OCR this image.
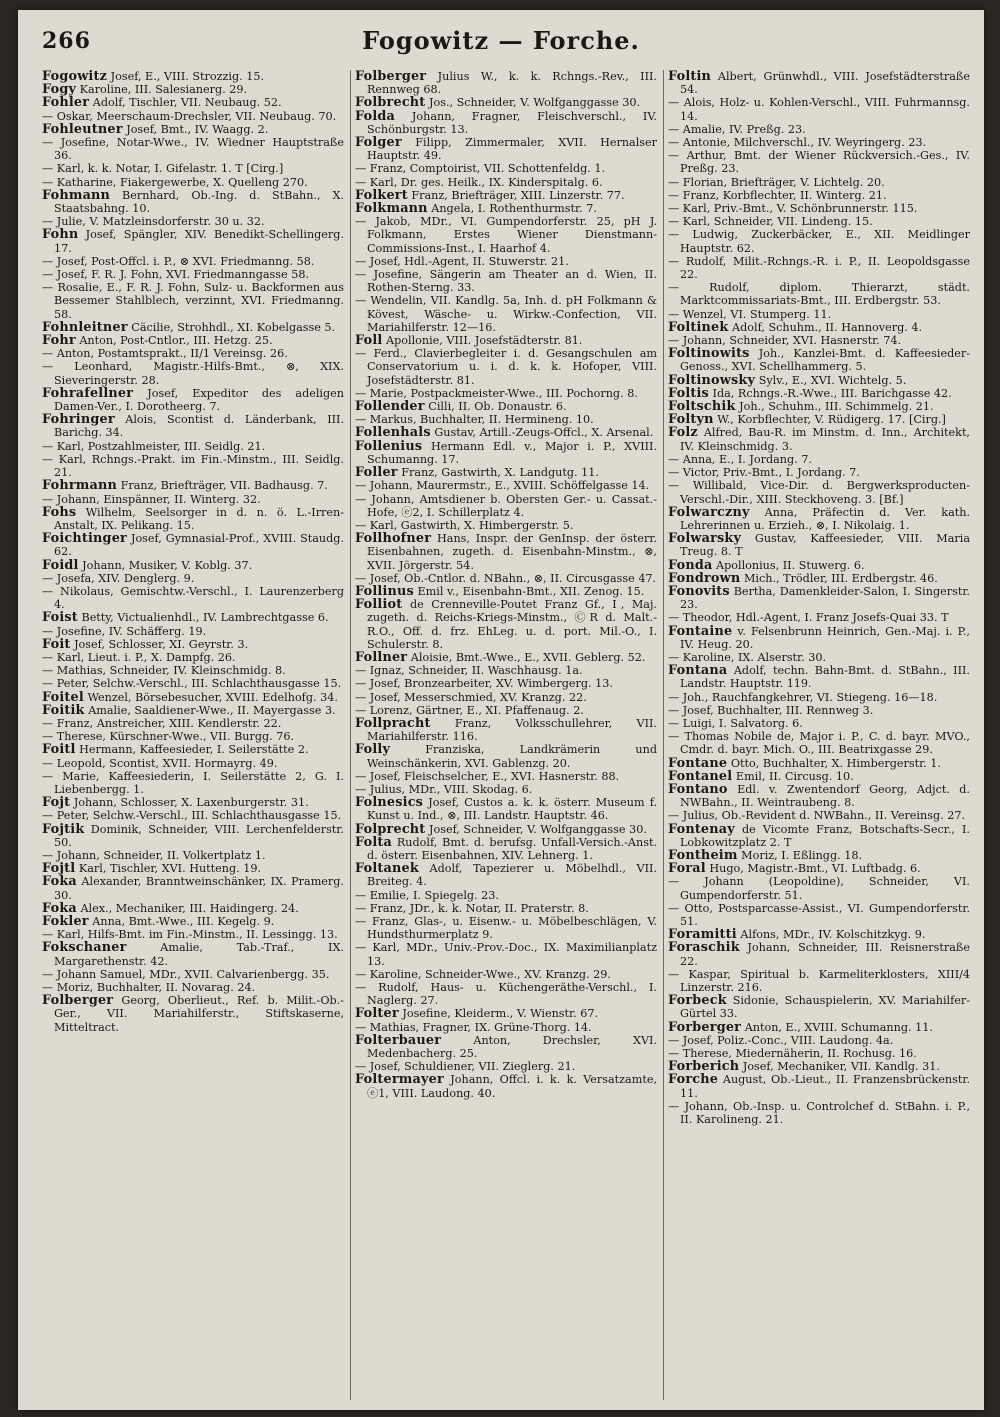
266	Fogowitz — Forche.

Fogowitz Josef, E., VIII. Strozzig. 15.

Fogy Karoline, III. Salesianerg. 29.

Fohler Adolf, Tischler, VII. Neubaug. 52.

— Oskar, Meerschaum-Drechsler, VII. Neubaug. 70.

Fohleutner Josef, Bmt., IV. Waagg. 2.

— Josefine, Notar-Wwe., IV. Wiedner Hauptstraße 36.

— Karl, k. k. Notar, I. Gifelastr. 1. T [Cirg.]

— Katharine, Fiakergewerbe, X. Quelleng 270.

Fohmann Bernhard, Ob.-Ing. d. StBahn., X. Staatsbahng. 10.

— Julie, V. Matzleinsdorferstr. 30 u. 32.

Fohn Josef, Spängler, XIV. Benedikt-Schellingerg. 17.

— Josef, Post-Offcl. i. P., ⊗ XVI. Friedmanng. 58.

— Josef, F. R. J. Fohn, XVI. Friedmanngasse 58.

— Rosalie, E., F. R. J. Fohn, Sulz- u. Backformen aus Bessemer Stahlblech, verzinnt, XVI. Friedmanng. 58.

Fohnleitner Cäcilie, Strohhdl., XI. Kobelgasse 5.

Fohr Anton, Post-Cntlor., III. Hetzg. 25.

— Anton, Postamtsprakt., II/1 Vereinsg. 26.

— Leonhard, Magistr.-Hilfs-Bmt., ⊗, XIX. Sieveringerstr. 28.

Fohrafellner Josef, Expeditor des adeligen Damen-Ver., I. Dorotheerg. 7.

Fohringer Alois, Scontist d. Länderbank, III. Barichg. 34.

— Karl, Postzahlmeister, III. Seidlg. 21.

— Karl, Rchngs.-Prakt. im Fin.-Minstm., III. Seidlg. 21.

Fohrmann Franz, Briefträger, VII. Badhausg. 7.

— Johann, Einspänner, II. Winterg. 32.

Fohs Wilhelm, Seelsorger in d. n. ö. L.-Irren-Anstalt, IX. Pelikang. 15.

Foichtinger Josef, Gymnasial-Prof., XVIII. Staudg. 62.

Foidl Johann, Musiker, V. Koblg. 37.

— Josefa, XIV. Denglerg. 9.

— Nikolaus, Gemischtw.-Verschl., I. Laurenzerberg 4.

Foist Betty, Victualienhdl., IV. Lambrechtgasse 6.

— Josefine, IV. Schäfferg. 19.

Foit Josef, Schlosser, XI. Geyrstr. 3.

— Karl, Lieut. i. P., X. Dampfg. 26.

— Mathias, Schneider, IV. Kleinschmidg. 8.

— Peter, Selchw.-Verschl., III. Schlachthausgasse 15.

Foitel Wenzel, Börsebesucher, XVIII. Edelhofg. 34.

Foitik Amalie, Saaldiener-Wwe., II. Mayergasse 3.

— Franz, Anstreicher, XIII. Kendlerstr. 22.

— Therese, Kürschner-Wwe., VII. Burgg. 76.

Foitl Hermann, Kaffeesieder, I. Seilerstätte 2.

— Leopold, Scontist, XVII. Hormayrg. 49.

— Marie, Kaffeesiederin, I. Seilerstätte 2, G. I. Liebenbergg. 1.

Fojt Johann, Schlosser, X. Laxenburgerstr. 31.

— Peter, Selchw.-Verschl., III. Schlachthausgasse 15.

Fojtik Dominik, Schneider, VIII. Lerchenfelderstr. 50.

— Johann, Schneider, II. Volkertplatz 1.

Fojtl Karl, Tischler, XVI. Hutteng. 19.

Foka Alexander, Branntweinschänker, IX. Pramerg. 30.

Foka Alex., Mechaniker, III. Haidingerg. 24.

Fokler Anna, Bmt.-Wwe., III. Kegelg. 9.

— Karl, Hilfs-Bmt. im Fin.-Minstm., II. Lessingg. 13.

Fokschaner	Amalie, Tab.-Traf., IX. Margarethenstr. 42.

— Johann Samuel, MDr., XVII. Calvarienbergg. 35.

— Moriz, Buchhalter, II. Novarag. 24.

Folberger Georg, Oberlieut., Ref. b. Milit.-Ob.-Ger., VII. Mariahilferstr., Stiftskaserne, Mitteltract.

Folberger Julius W., k. k. Rchngs.-Rev., III. Rennweg 68.

Folbrecht Jos., Schneider, V. Wolfganggasse 30.

Folda Johann, Fragner, Fleischverschl., IV. Schönburgstr. 13.

Folger Filipp, Zimmermaler, XVII. Hernalser Hauptstr. 49.

— Franz, Comptoirist, VII. Schottenfeldg. 1.

— Karl, Dr. ges. Heilk., IX. Kinderspitalg. 6.

Folkert Franz, Briefträger, XIII. Linzerstr. 77.

Folkmann Angela, I. Rothenthurmstr. 7.

— Jakob, MDr., VI. Gumpendorferstr. 25, pH J. Folkmann, Erstes Wiener Dienstmann-Commissions-Inst., I. Haarhof 4.

— Josef, Hdl.-Agent, II. Stuwerstr. 21.

— Josefine, Sängerin am Theater an d. Wien, II. Rothen-Sterng. 33.

— Wendelin, VII. Kandlg. 5a, Inh. d. pH Folkmann & Kövest, Wäsche- u. Wirkw.-Confection, VII. Mariahilferstr. 12—16.

Foll Apollonie, VIII. Josefstädterstr. 81.

— Ferd., Clavierbegleiter i. d. Gesangschulen am Conservatorium u. i. d. k. k. Hofoper, VIII. Josefstädterstr. 81.

— Marie, Postpackmeister-Wwe., III. Pochorng. 8.

Follender Cilli, II. Ob. Donaustr. 6.

— Markus, Buchhalter, II. Hermineng. 10.

Follenhals Gustav, Artill.-Zeugs-Offcl., X. Arsenal.

Follenius Hermann Edl. v., Major i. P., XVIII. Schumanng. 17.

Foller Franz, Gastwirth, X. Landgutg. 11.

— Johann, Maurermstr., E., XVIII. Schöffelgasse 14.

— Johann, Amtsdiener b. Obersten Ger.- u. Cassat.-Hofe, ⓔ2, I. Schillerplatz 4.

— Karl, Gastwirth, X. Himbergerstr. 5.

Follhofner Hans, Inspr. der GenInsp. der österr. Eisenbahnen, zugeth. d. Eisenbahn-Minstm., ⊗, XVII. Jörgerstr. 54.

— Josef, Ob.-Cntlor. d. NBahn., ⊗, II. Circusgasse 47.

Follinus Emil v., Eisenbahn-Bmt., XII. Zenog. 15.

Folliot de Crenneville-Poutet Franz Gf., Ⅰ, Maj. zugeth. d. Reichs-Kriegs-Minstm., ⒸR d. Malt.-R.O., Off. d. frz. EhLeg. u. d. port. Mil.-O., I. Schulerstr. 8.

Follner Aloisie, Bmt.-Wwe., E., XVII. Geblerg. 52.

— Ignaz, Schneider, II. Waschhausg. 1a.

— Josef, Bronzearbeiter, XV. Wimbergerg. 13.

— Josef, Messerschmied, XV. Kranzg. 22.

— Lorenz, Gärtner, E., XI. Pfaffenaug. 2.

Follpracht Franz, Volksschullehrer, VII. Mariahilferstr. 116.

Folly	Franziska, Landkrämerin und Weinschänkerin, XVI. Gablenzg. 20.

— Josef, Fleischselcher, E., XVI. Hasnerstr. 88.

— Julius, MDr., VIII. Skodag. 6.

Folnesics Josef, Custos a. k. k. österr. Museum f. Kunst u. Ind., ⊗, III. Landstr. Hauptstr. 46.

Folprecht Josef, Schneider, V. Wolfganggasse 30.

Folta Rudolf, Bmt. d. berufsg. Unfall-Versich.-Anst. d. österr. Eisenbahnen, XIV. Lehnerg. 1.

Foltanek Adolf, Tapezierer u. Möbelhdl., VII. Breiteg. 4.

— Emilie, I. Spiegelg. 23.

— Franz, JDr., k. k. Notar, II. Praterstr. 8.

— Franz, Glas-, u. Eisenw.- u. Möbelbeschlägen, V. Hundsthurmerplatz 9.

— Karl, MDr., Univ.-Prov.-Doc., IX. Maximilianplatz 13.

— Karoline, Schneider-Wwe., XV. Kranzg. 29.

— Rudolf, Haus- u. Küchengeräthe-Verschl., I. Naglerg. 27.

Folter Josefine, Kleiderm., V. Wienstr. 67.

— Mathias, Fragner, IX. Grüne-Thorg. 14.

Folterbauer	Anton, Drechsler, XVI. Medenbacherg. 25.

— Josef, Schuldiener, VII. Zieglerg. 21.

Foltermayer Johann, Offcl. i. k. k. Versatzamte, ⓔ1, VIII. Laudong. 40.

Foltin Albert, Grünwhdl., VIII. Josefstädterstraße 54.

— Alois, Holz- u. Kohlen-Verschl., VIII. Fuhrmannsg. 14.

— Amalie, IV. Preßg. 23.

— Antonie, Milchverschl., IV. Weyringerg. 23.

— Arthur, Bmt. der Wiener Rückversich.-Ges., IV. Preßg. 23.

— Florian, Briefträger, V. Lichtelg. 20.

— Franz, Korbflechter, II. Winterg. 21.

— Karl, Priv.-Bmt., V. Schönbrunnerstr. 115.

— Karl, Schneider, VII. Lindeng. 15.

— Ludwig, Zuckerbäcker, E., XII. Meidlinger Hauptstr. 62.

— Rudolf, Milit.-Rchngs.-R. i. P., II. Leopoldsgasse 22.

— Rudolf, diplom. Thierarzt, städt. Marktcommissariats-Bmt., III. Erdbergstr. 53.

— Wenzel, VI. Stumperg. 11.

Foltinek Adolf, Schuhm., II. Hannoverg. 4.

— Johann, Schneider, XVI. Hasnerstr. 74.

Foltinowits Joh., Kanzlei-Bmt. d. Kaffeesieder-Genoss., XVI. Schellhammerg. 5.

Foltinowsky Sylv., E., XVI. Wichtelg. 5.

Foltis Ida, Rchngs.-R.-Wwe., III. Barichgasse 42.

Foltschik Joh., Schuhm., III. Schimmelg. 21.

Foltyn W., Korbflechter, V. Rüdigerg. 17. [Cirg.]

Folz Alfred, Bau-R. im Minstm. d. Inn., Architekt, IV. Kleinschmidg. 3.

— Anna, E., I. Jordang. 7.

— Victor, Priv.-Bmt., I. Jordang. 7.

— Willibald, Vice-Dir. d. Bergwerksproducten-Verschl.-Dir., XIII. Steckhoveng. 3. [Bf.]

Folwarczny Anna, Präfectin d. Ver. kath. Lehrerinnen u. Erzieh., ⊗, I. Nikolaig. 1.

Folwarsky Gustav, Kaffeesieder, VIII. Maria Treug. 8. T

Fonda Apollonius, II. Stuwerg. 6.

Fondrown Mich., Trödler, III. Erdbergstr. 46.

Fonovits Bertha, Damenkleider-Salon, I. Singerstr. 23.

— Theodor, Hdl.-Agent, I. Franz Josefs-Quai 33. T

Fontaine v. Felsenbrunn Heinrich, Gen.-Maj. i. P., IV. Heug. 20.

— Karoline, IX. Alserstr. 30.

Fontana Adolf, techn. Bahn-Bmt. d. StBahn., III. Landstr. Hauptstr. 119.

— Joh., Rauchfangkehrer, VI. Stiegeng. 16—18.

— Josef, Buchhalter, III. Rennweg 3.

— Luigi, I. Salvatorg. 6.

— Thomas Nobile de, Major i. P., C. d. bayr. MVO., Cmdr. d. bayr. Mich. O., III. Beatrixgasse 29.

Fontane Otto, Buchhalter, X. Himbergerstr. 1.

Fontanel Emil, II. Circusg. 10.

Fontano Edl. v. Zwentendorf Georg, Adjct. d. NWBahn., II. Weintraubeng. 8.

— Julius, Ob.-Revident d. NWBahn., II. Vereinsg. 27.

Fontenay de Vicomte Franz, Botschafts-Secr., I. Lobkowitzplatz 2. T

Fontheim Moriz, I. Eßlingg. 18.

Foral Hugo, Magistr.-Bmt., VI. Luftbadg. 6.

— Johann (Leopoldine), Schneider, VI. Gumpendorferstr. 51.

— Otto, Postsparcasse-Assist., VI. Gumpendorferstr. 51.

Foramitti Alfons, MDr., IV. Kolschitzkyg. 9.

Foraschik Johann, Schneider, III. Reisnerstraße 22.

— Kaspar, Spiritual b. Karmeliterklosters, XIII/4 Linzerstr. 216.

Forbeck Sidonie, Schauspielerin, XV. Mariahilfer-Gürtel 33.

Forberger Anton, E., XVIII. Schumanng. 11.

— Josef, Poliz.-Conc., VIII. Laudong. 4a.

— Therese, Miedernäherin, II. Rochusg. 16.

Forberich Josef, Mechaniker, VII. Kandlg. 31.

Forche August, Ob.-Lieut., II. Franzensbrückenstr. 11.

— Johann, Ob.-Insp. u. Controlchef d. StBahn. i. P., II. Karolineng. 21.
